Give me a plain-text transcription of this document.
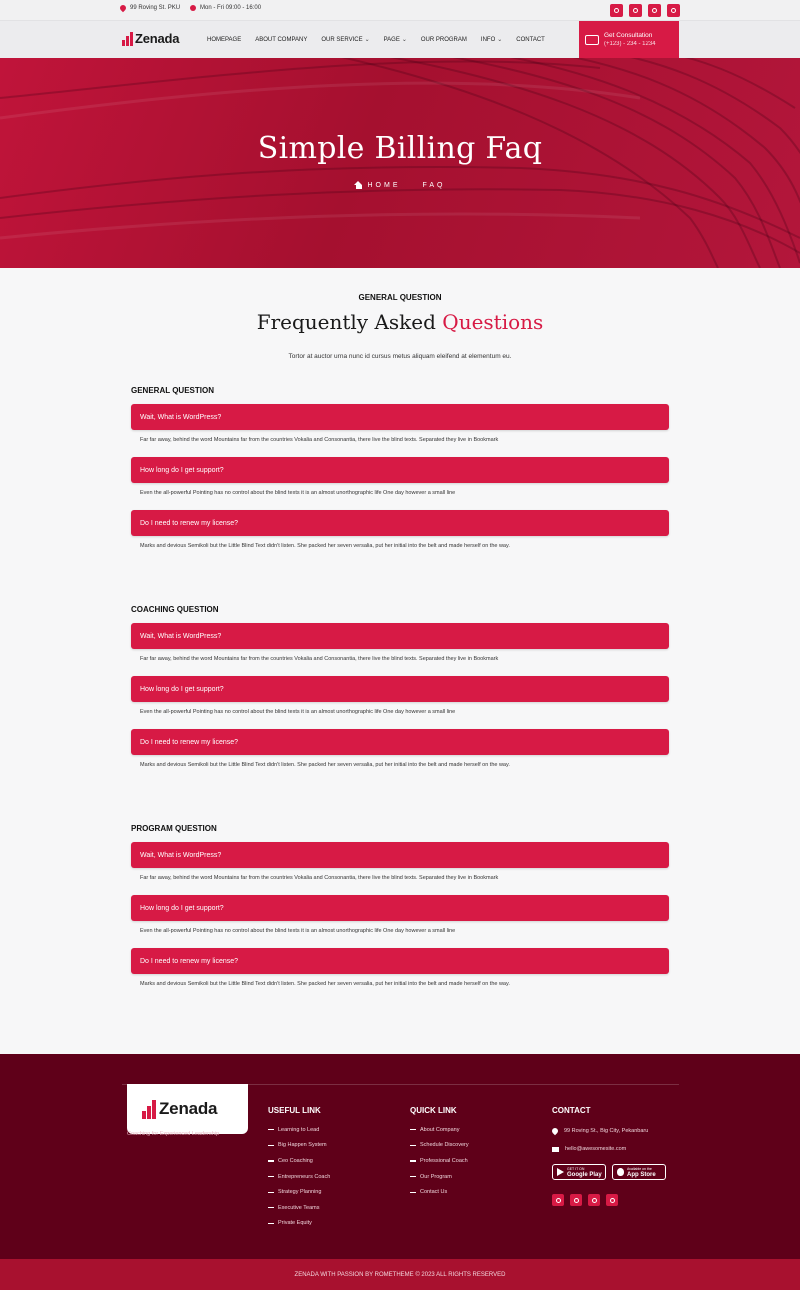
99 Roving St. PKU	Mon - Fri 09:00 - 16:00
Zenada	HOMEPAGE ABOUT COMPANY OUR SERVICE ⌄ PAGE ⌄ OUR PROGRAM INFO ⌄ CONTACT
Get Consultation
(+123) - 234 - 1234
Simple Billing Faq
HOME	FAQ
GENERAL QUESTION
Frequently Asked Questions
Tortor at auctor urna nunc id cursus metus aliquam eleifend at elementum eu.
GENERAL QUESTION
Wait, What is WordPress?
Far far away, behind the word Mountains far from the countries Vokalia and Consonantia, there live the blind texts. Separated they live in Bookmark
How long do I get support?
Even the all-powerful Pointing has no control about the blind texts it is an almost unorthographic life One day however a small line
Do I need to renew my license?
Marks and devious Semikoli but the Little Blind Text didn't listen. She packed her seven versalia, put her initial into the belt and made herself on the way.
COACHING QUESTION
Wait, What is WordPress?
Far far away, behind the word Mountains far from the countries Vokalia and Consonantia, there live the blind texts. Separated they live in Bookmark
How long do I get support?
Even the all-powerful Pointing has no control about the blind texts it is an almost unorthographic life One day however a small line
Do I need to renew my license?
Marks and devious Semikoli but the Little Blind Text didn't listen. She packed her seven versalia, put her initial into the belt and made herself on the way.
PROGRAM QUESTION
Wait, What is WordPress?
Far far away, behind the word Mountains far from the countries Vokalia and Consonantia, there live the blind texts. Separated they live in Bookmark
How long do I get support?
Even the all-powerful Pointing has no control about the blind texts it is an almost unorthographic life One day however a small line
Do I need to renew my license?
Marks and devious Semikoli but the Little Blind Text didn't listen. She packed her seven versalia, put her initial into the belt and made herself on the way.
Zenada
Coaching for Experienced Leadership
USEFUL LINK
Learning to Lead
Big Happen System
Ceo Coaching
Entrepreneurs Coach
Strategy Planning
Executive Teams
Private Equity
QUICK LINK
About Company
Schedule Discovery
Professional Coach
Our Program
Contact Us
CONTACT
99 Roving St., Big City, Pekanbaru
hello@awesomesite.com
GET IT ON
Google Play
Available on the
App Store
ZENADA WITH PASSION BY ROMETHEME © 2023 ALL RIGHTS RESERVED
